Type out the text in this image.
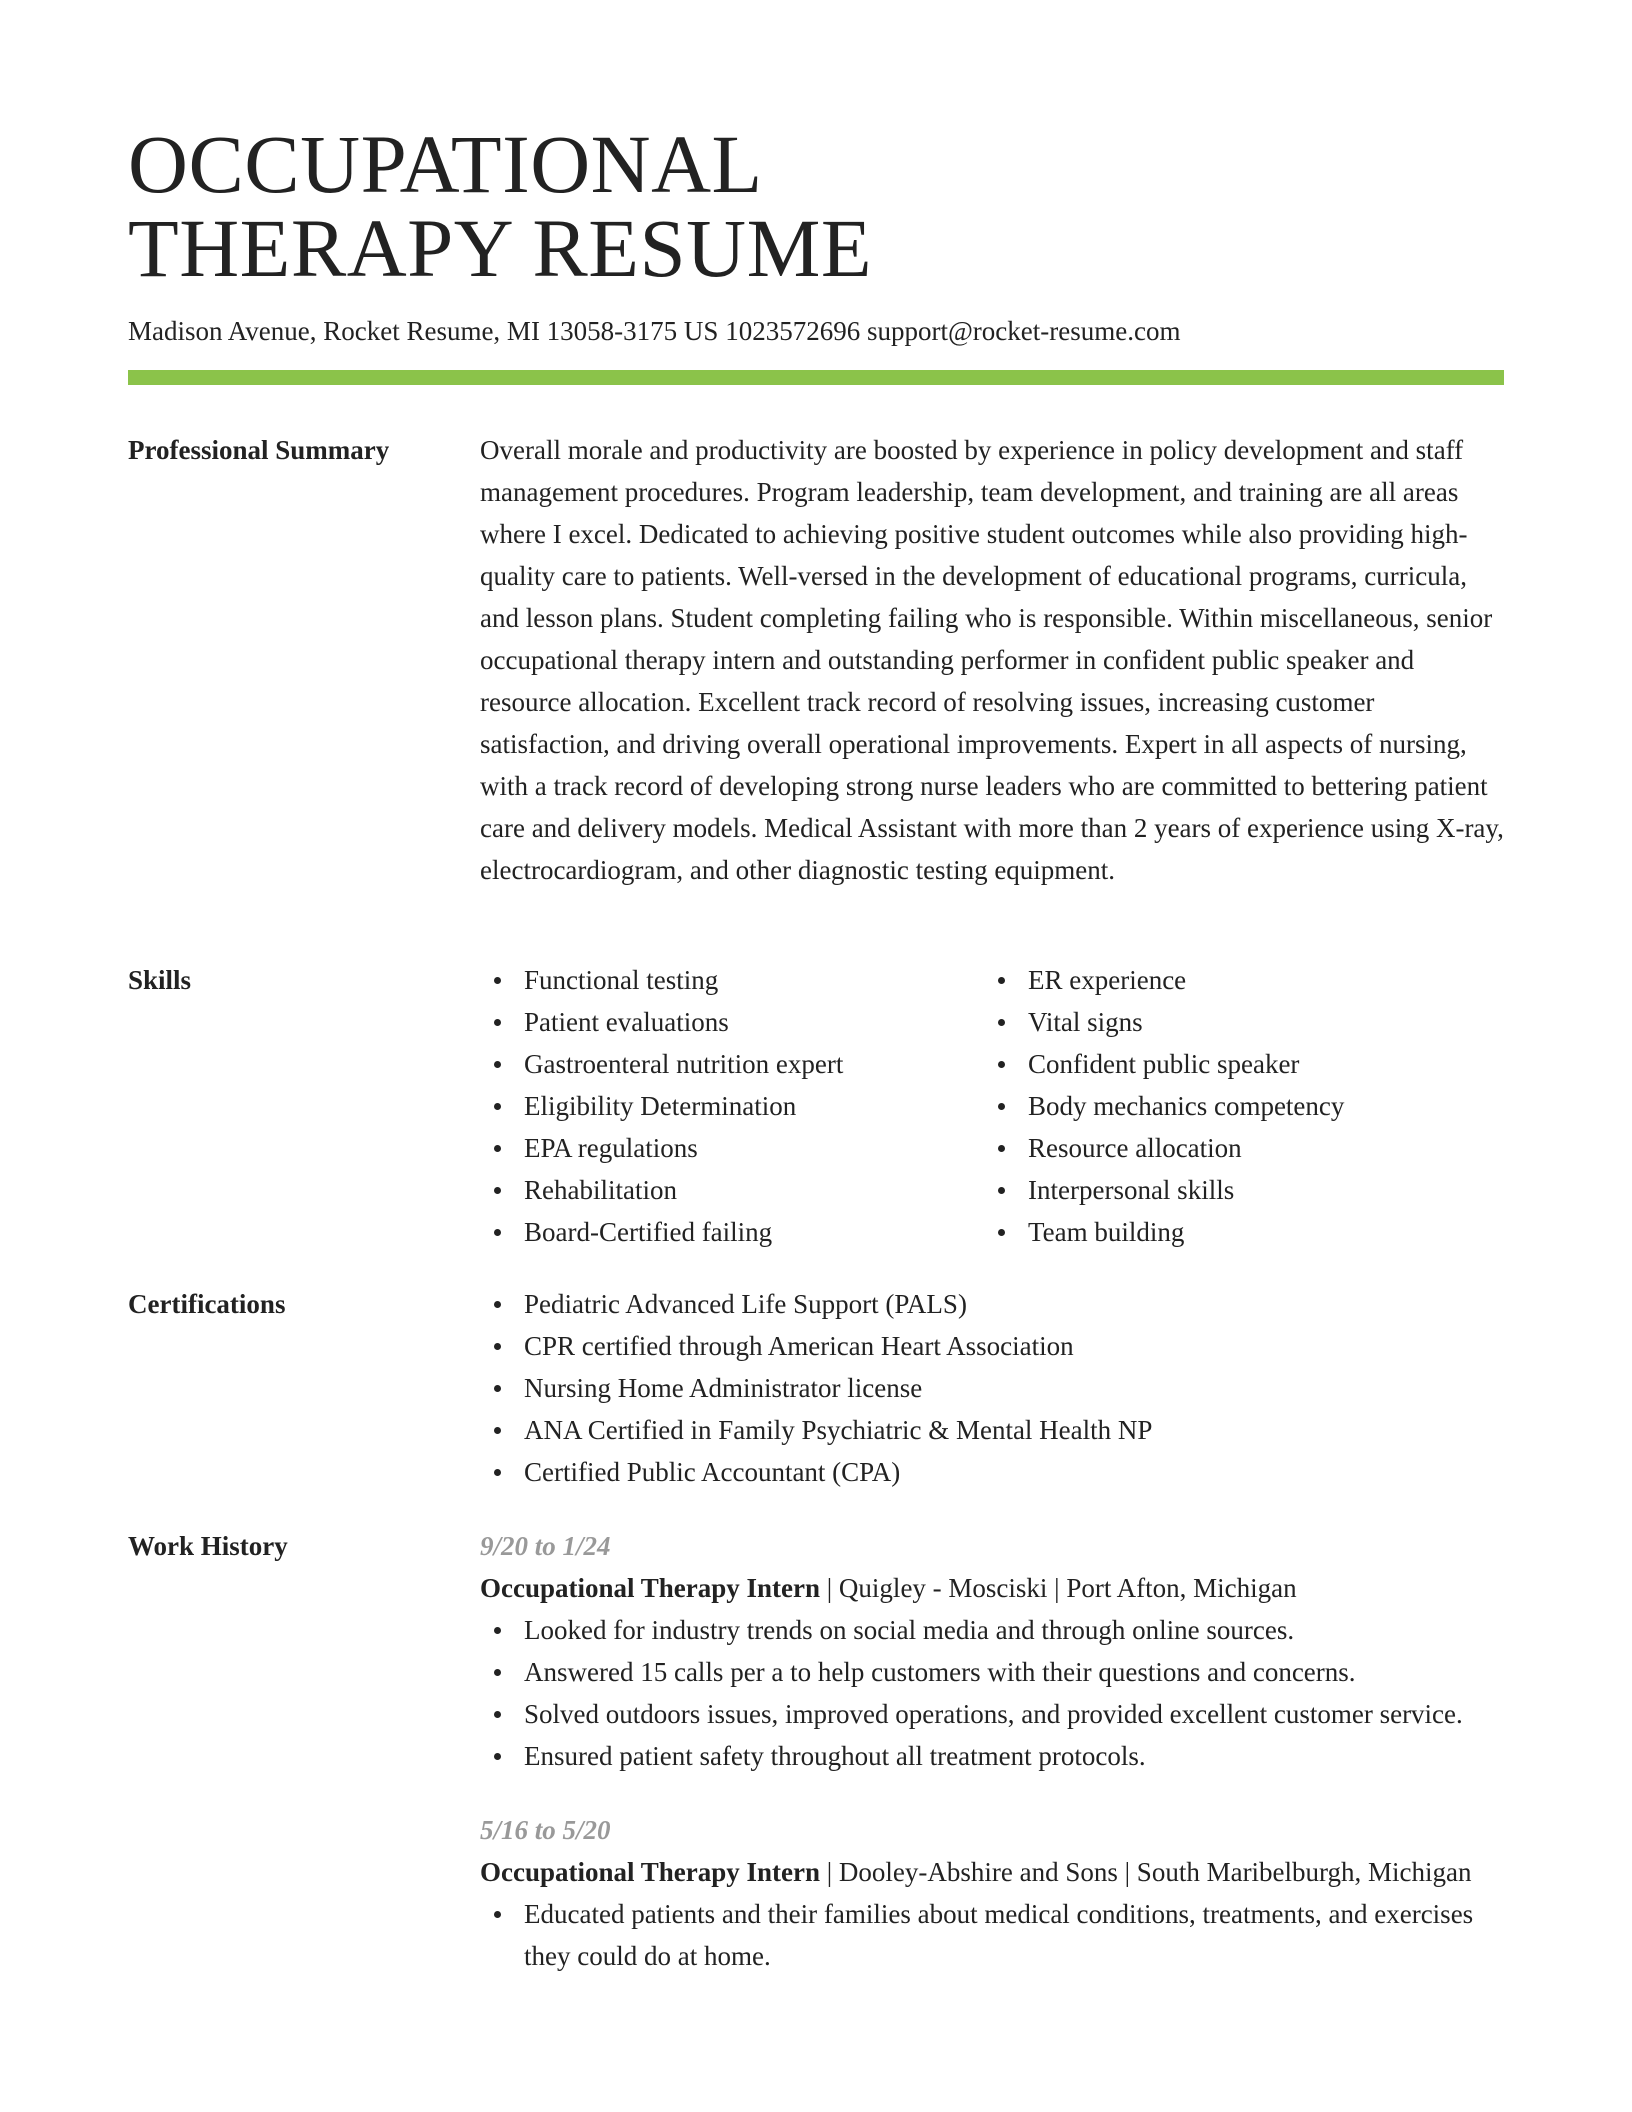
OCCUPATIONAL
THERAPY RESUME
Madison Avenue, Rocket Resume, MI 13058-3175 US 1023572696 support@rocket-resume.com
Professional Summary	Overall morale and productivity are boosted by experience in policy development and staff management procedures. Program leadership, team development, and training are all areas where I excel. Dedicated to achieving positive student outcomes while also providing high-quality care to patients. Well-versed in the development of educational programs, curricula, and lesson plans. Student completing failing who is responsible. Within miscellaneous, senior occupational therapy intern and outstanding performer in confident public speaker and resource allocation. Excellent track record of resolving issues, increasing customer satisfaction, and driving overall operational improvements. Expert in all aspects of nursing, with a track record of developing strong nurse leaders who are committed to bettering patient care and delivery models. Medical Assistant with more than 2 years of experience using X-ray, electrocardiogram, and other diagnostic testing equipment.

Skills	Functional testing
Patient evaluations
Gastroenteral nutrition expert
Eligibility Determination
EPA regulations
Rehabilitation
Board-Certified failing
ER experience
Vital signs
Confident public speaker
Body mechanics competency
Resource allocation
Interpersonal skills
Team building
Certifications	Pediatric Advanced Life Support (PALS)
CPR certified through American Heart Association
Nursing Home Administrator license
ANA Certified in Family Psychiatric & Mental Health NP
Certified Public Accountant (CPA)
Work History	9/20 to 1/24
Occupational Therapy Intern | Quigley - Mosciski | Port Afton, Michigan
Looked for industry trends on social media and through online sources.
Answered 15 calls per a to help customers with their questions and concerns.
Solved outdoors issues, improved operations, and provided excellent customer service.
Ensured patient safety throughout all treatment protocols.
5/16 to 5/20
Occupational Therapy Intern | Dooley-Abshire and Sons | South Maribelburgh, Michigan
Educated patients and their families about medical conditions, treatments, and exercises they could do at home.
